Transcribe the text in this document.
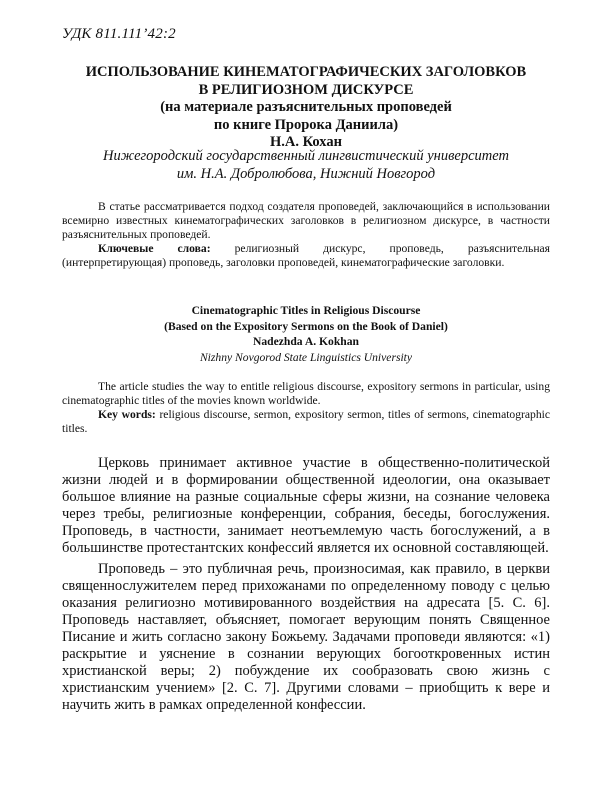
УДК 811.111’42:2
ИСПОЛЬЗОВАНИЕ КИНЕМАТОГРАФИЧЕСКИХ ЗАГОЛОВКОВ
В РЕЛИГИОЗНОМ ДИСКУРСЕ
(на материале разъяснительных проповедей
по книге Пророка Даниила)
Н.А. Кохан
Нижегородский государственный лингвистический университет
им. Н.А. Добролюбова, Нижний Новгород

В статье рассматривается подход создателя проповедей, заключающийся в использовании всемирно известных кинематографических заголовков в религиозном дискурсе, в частности разъяснительных проповедей.

Ключевые слова: религиозный дискурс, проповедь, разъяснительная (интерпретирующая) проповедь, заголовки проповедей, кинематографические заголовки.

Cinematographic Titles in Religious Discourse
(Based on the Expository Sermons on the Book of Daniel)
Nadezhda A. Kokhan
Nizhny Novgorod State Linguistics University

The article studies the way to entitle religious discourse, expository sermons in particular, using cinematographic titles of the movies known worldwide.

Key words: religious discourse, sermon, expository sermon, titles of sermons, cinematographic titles.

Церковь принимает активное участие в общественно-политической жизни людей и в формировании общественной идеологии, она оказывает большое влияние на разные социальные сферы жизни, на сознание человека через требы, религиозные конференции, собрания, беседы, богослужения. Проповедь, в частности, занимает неотъемлемую часть богослужений, а в большинстве протестантских конфессий является их основной составляющей.

Проповедь – это публичная речь, произносимая, как правило, в церкви священнослужителем перед прихожанами по определенному поводу с целью оказания религиозно мотивированного воздействия на адресата [5. С. 6]. Проповедь наставляет, объясняет, помогает верующим понять Священное Писание и жить согласно закону Божьему. Задачами проповеди являются: «1) раскрытие и уяснение в сознании верующих богооткровенных истин христианской веры; 2) побуждение их сообразовать свою жизнь с христианским учением» [2. С. 7]. Другими словами – приобщить к вере и научить жить в рамках определенной конфессии.
